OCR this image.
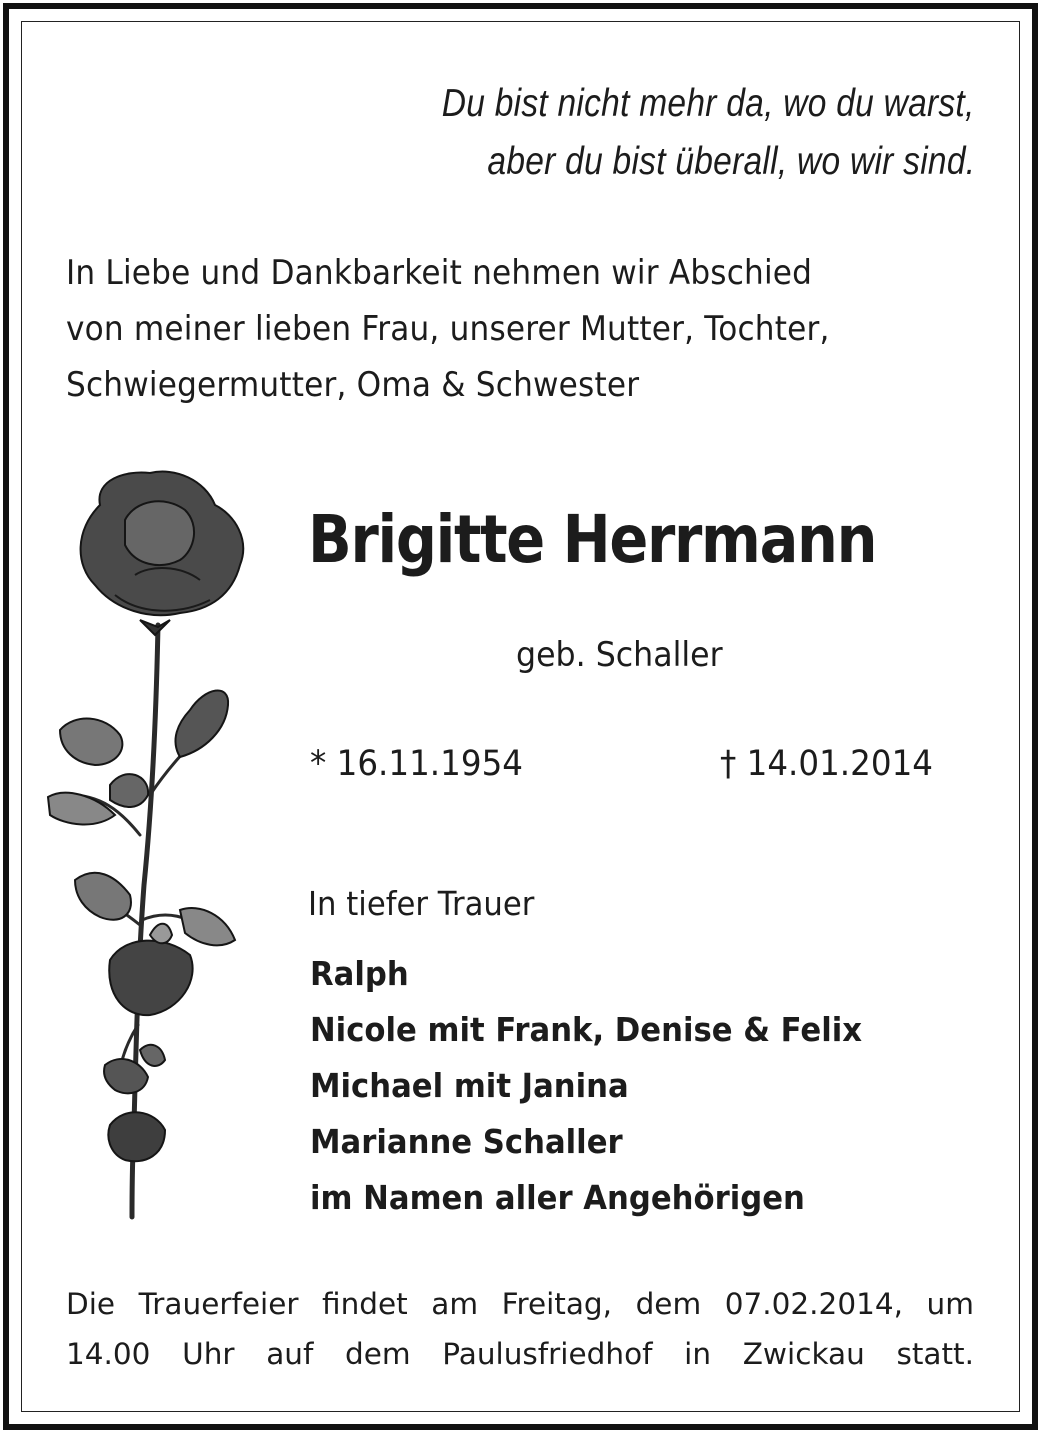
Du bist nicht mehr da, wo du warst,
aber du bist überall, wo wir sind.
In Liebe und Dankbarkeit nehmen wir Abschied
von meiner lieben Frau, unserer Mutter, Tochter,
Schwiegermutter, Oma & Schwester
Brigitte Herrmann
geb. Schaller
* 16.11.1954	† 14.01.2014
In tiefer Trauer
Ralph
Nicole mit Frank, Denise & Felix
Michael mit Janina
Marianne Schaller
im Namen aller Angehörigen
Die Trauerfeier findet am Freitag, dem 07.02.2014, um
14.00 Uhr auf dem Paulusfriedhof in Zwickau statt.
